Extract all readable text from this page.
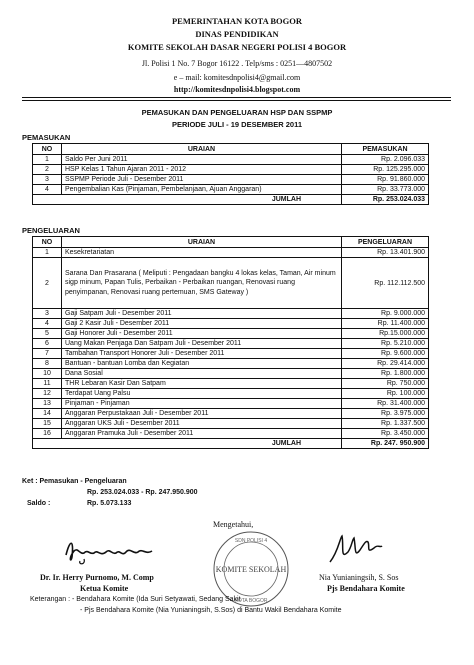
PEMERINTAHAN KOTA BOGOR
DINAS PENDIDIKAN
KOMITE SEKOLAH DASAR NEGERI POLISI 4 BOGOR
Jl. Polisi 1 No. 7 Bogor 16122 . Telp/sms : 0251—4807502
e – mail: komitesdnpolisi4@gmail.com
http://komitesdnpolisi4.blogspot.com
PEMASUKAN DAN PENGELUARAN HSP DAN SSPMP
PERIODE JULI - 19 DESEMBER 2011
PEMASUKAN
NO	URAIAN	PEMASUKAN
1	Saldo Per Juni 2011	Rp. 2.096.033
2	HSP Kelas 1 Tahun Ajaran 2011 - 2012	Rp. 125.295.000
3	SSPMP Periode Juli - Desember 2011	Rp. 91.860.000
4	Pengembalian Kas (Pinjaman, Pembelanjaan, Ajuan Anggaran)	Rp. 33.773.000
JUMLAH		Rp. 253.024.033
PENGELUARAN
NO	URAIAN	PENGELUARAN
1	Kesekretariatan	Rp. 13.401.900
2	Sarana Dan Prasarana ( Meliputi : Pengadaan bangku 4 lokas kelas, Taman, Air minum sigp minum, Papan Tulis, Perbaikan - Perbaikan ruangan, Renovasi ruang penyimpanan, Renovasi ruang pertemuan, SMS Gateway )	Rp. 112.112.500
3	Gaji Satpam Juli - Desember 2011	Rp. 9.000.000
4	Gaji 2 Kasir Juli - Desember 2011	Rp. 11.400.000
5	Gaji Honorer Juli - Desember 2011	Rp.15.000.000
6	Uang Makan Penjaga Dan Satpam Juli - Desember 2011	Rp. 5.210.000
7	Tambahan Transport Honorer Juli - Desember 2011	Rp. 9.600.000
8	Bantuan - bantuan Lomba dan Kegiatan	Rp. 29.414.000
10	Dana Sosial	Rp. 1.800.000
11	THR Lebaran Kasir Dan Satpam	Rp. 750.000
12	Terdapat Uang Palsu	Rp. 100.000
13	Pinjaman - Pinjaman	Rp. 31.400.000
14	Anggaran Perpustakaan Juli - Desember 2011	Rp. 3.975.000
15	Anggaran UKS Juli - Desember 2011	Rp. 1.337.500
16	Anggaran Pramuka Juli - Desember 2011	Rp. 3.450.000
JUMLAH		Rp. 247. 950.900
Ket : Pemasukan - Pengeluaran
Rp. 253.024.033 - Rp. 247.950.900
Saldo :	Rp. 5.073.133
Mengetahui,
KOMITE SEKOLAH
SDN POLISI 4
KOTA BOGOR
Dr. Ir. Herry Purnomo, M. Comp
Ketua Komite
Nia Yunianingsih, S. Sos
Pjs Bendahara Komite
Keterangan : - Bendahara Komite (Ida Suri Setyawati, Sedang Sakit
- Pjs Bendahara Komite (Nia Yunianingsih, S.Sos) di Bantu Wakil Bendahara Komite
